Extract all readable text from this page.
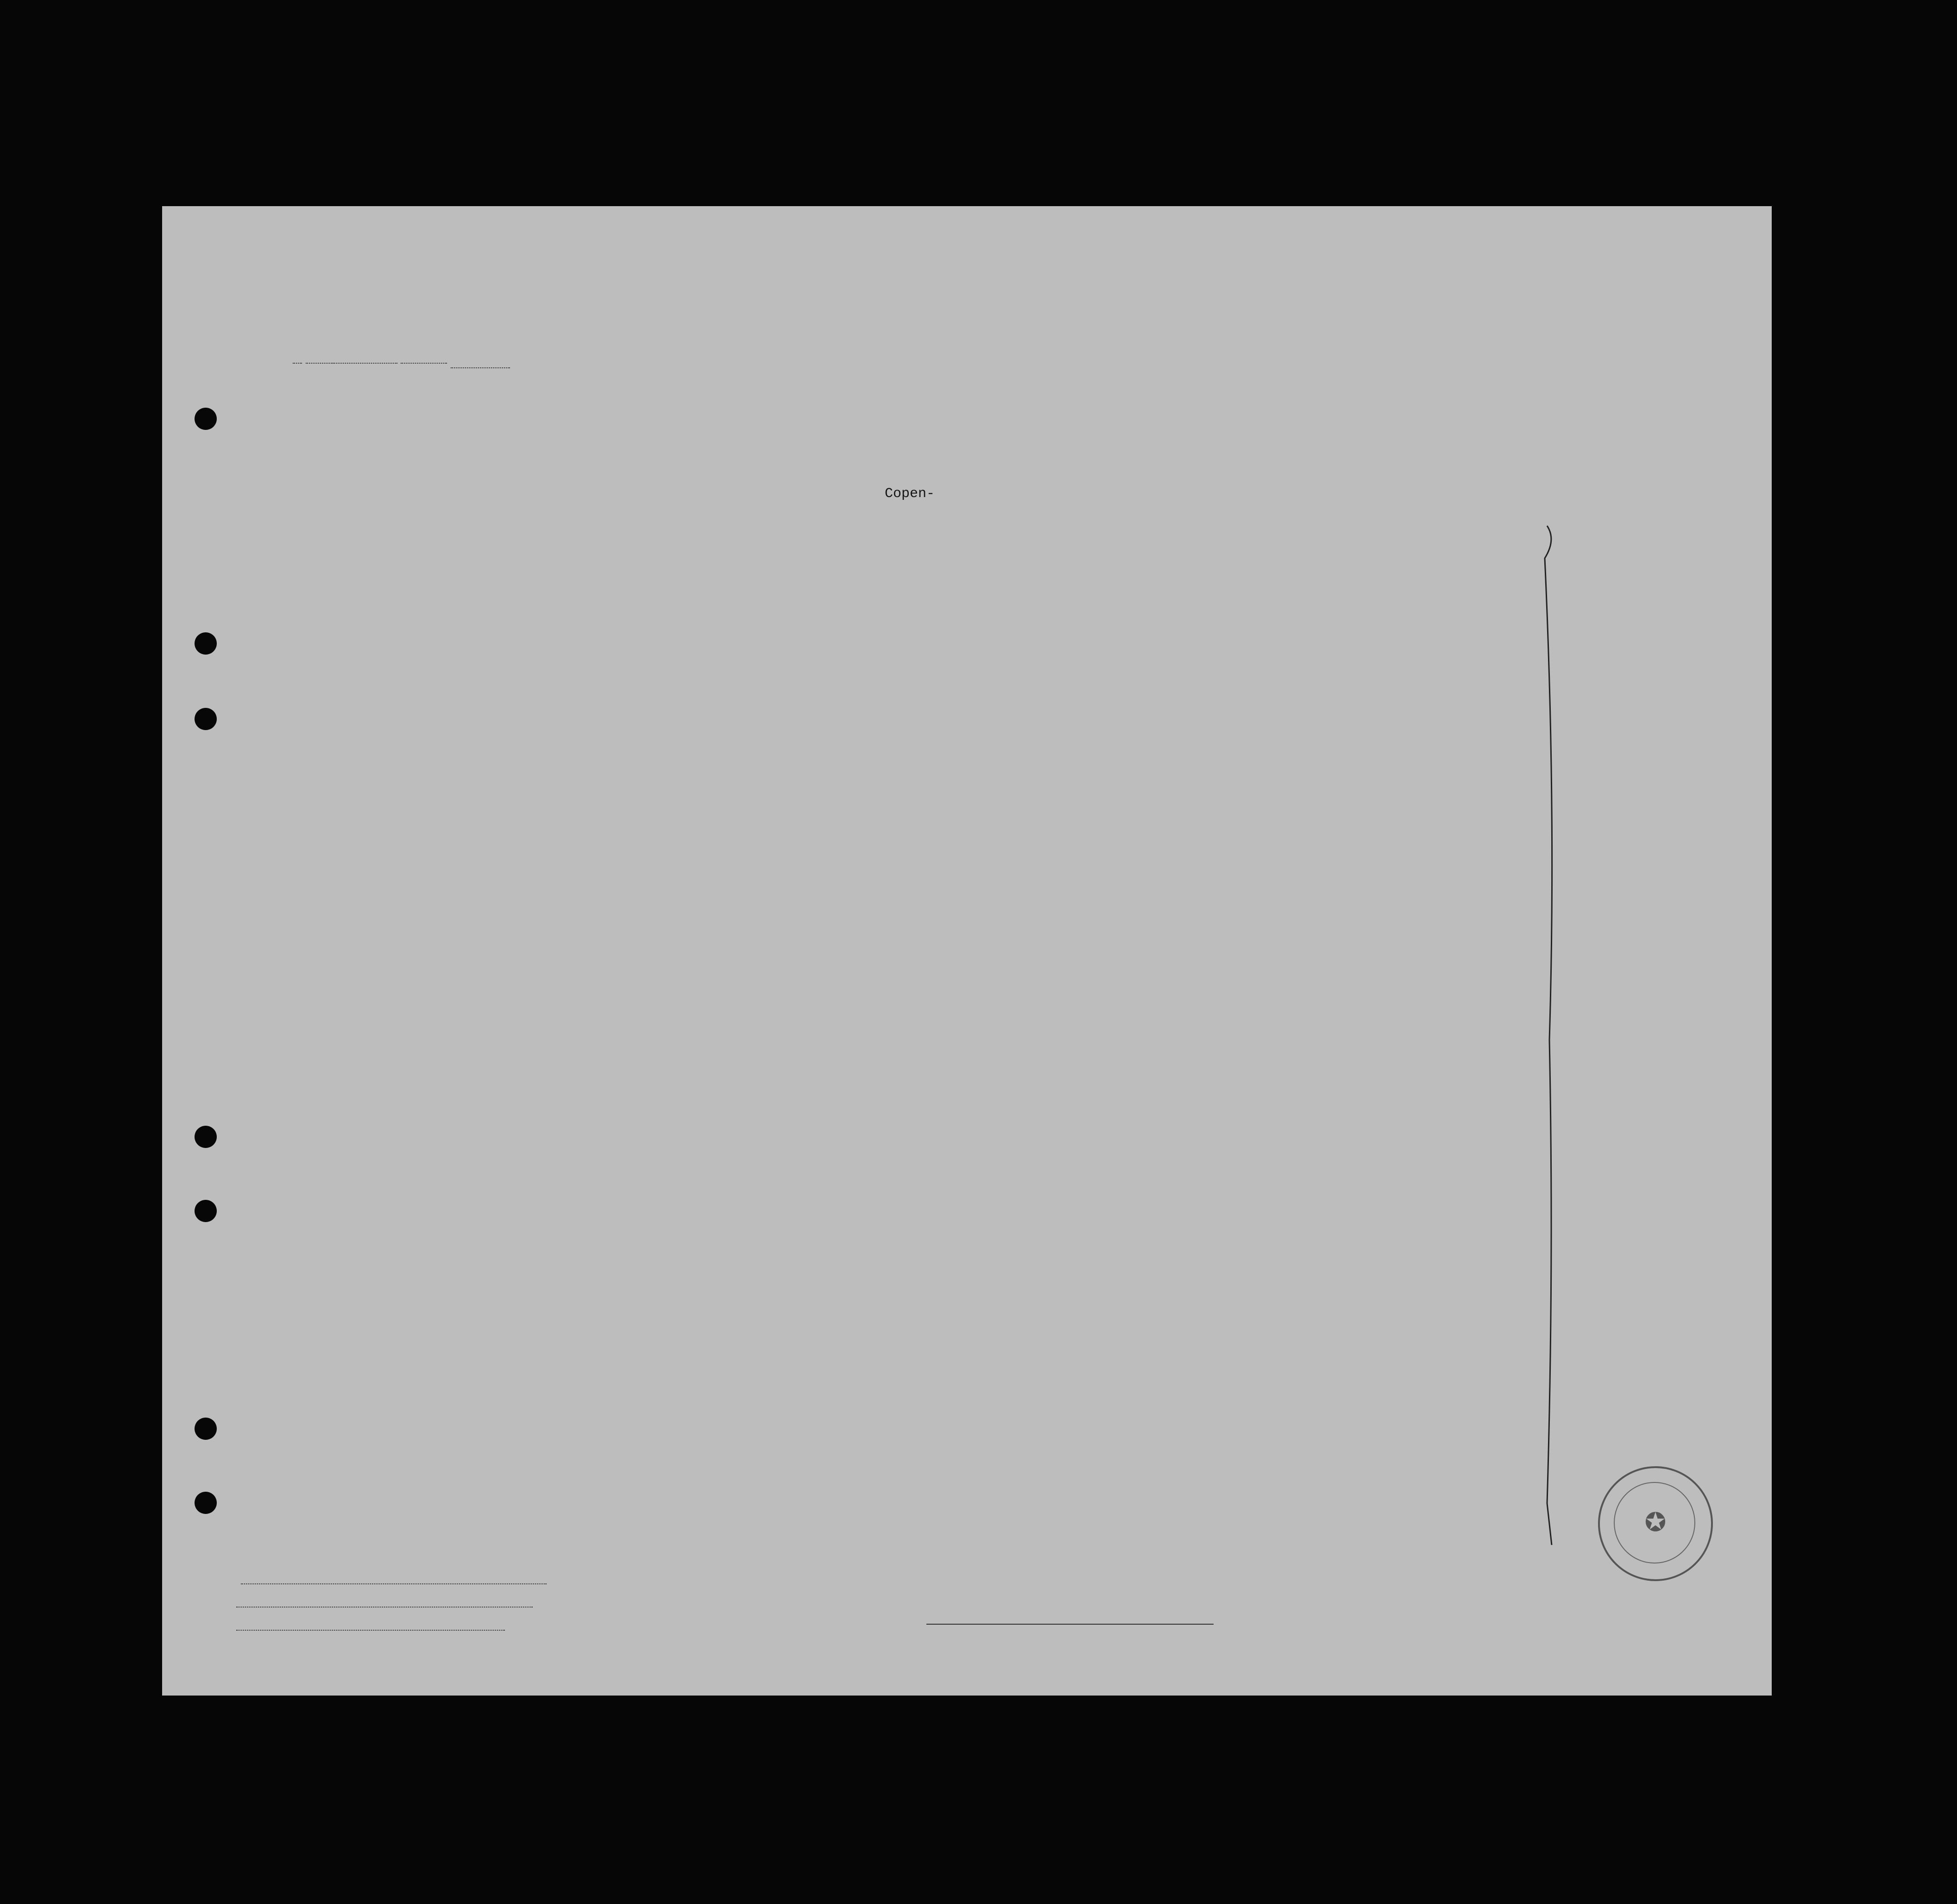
Copen-
✪
